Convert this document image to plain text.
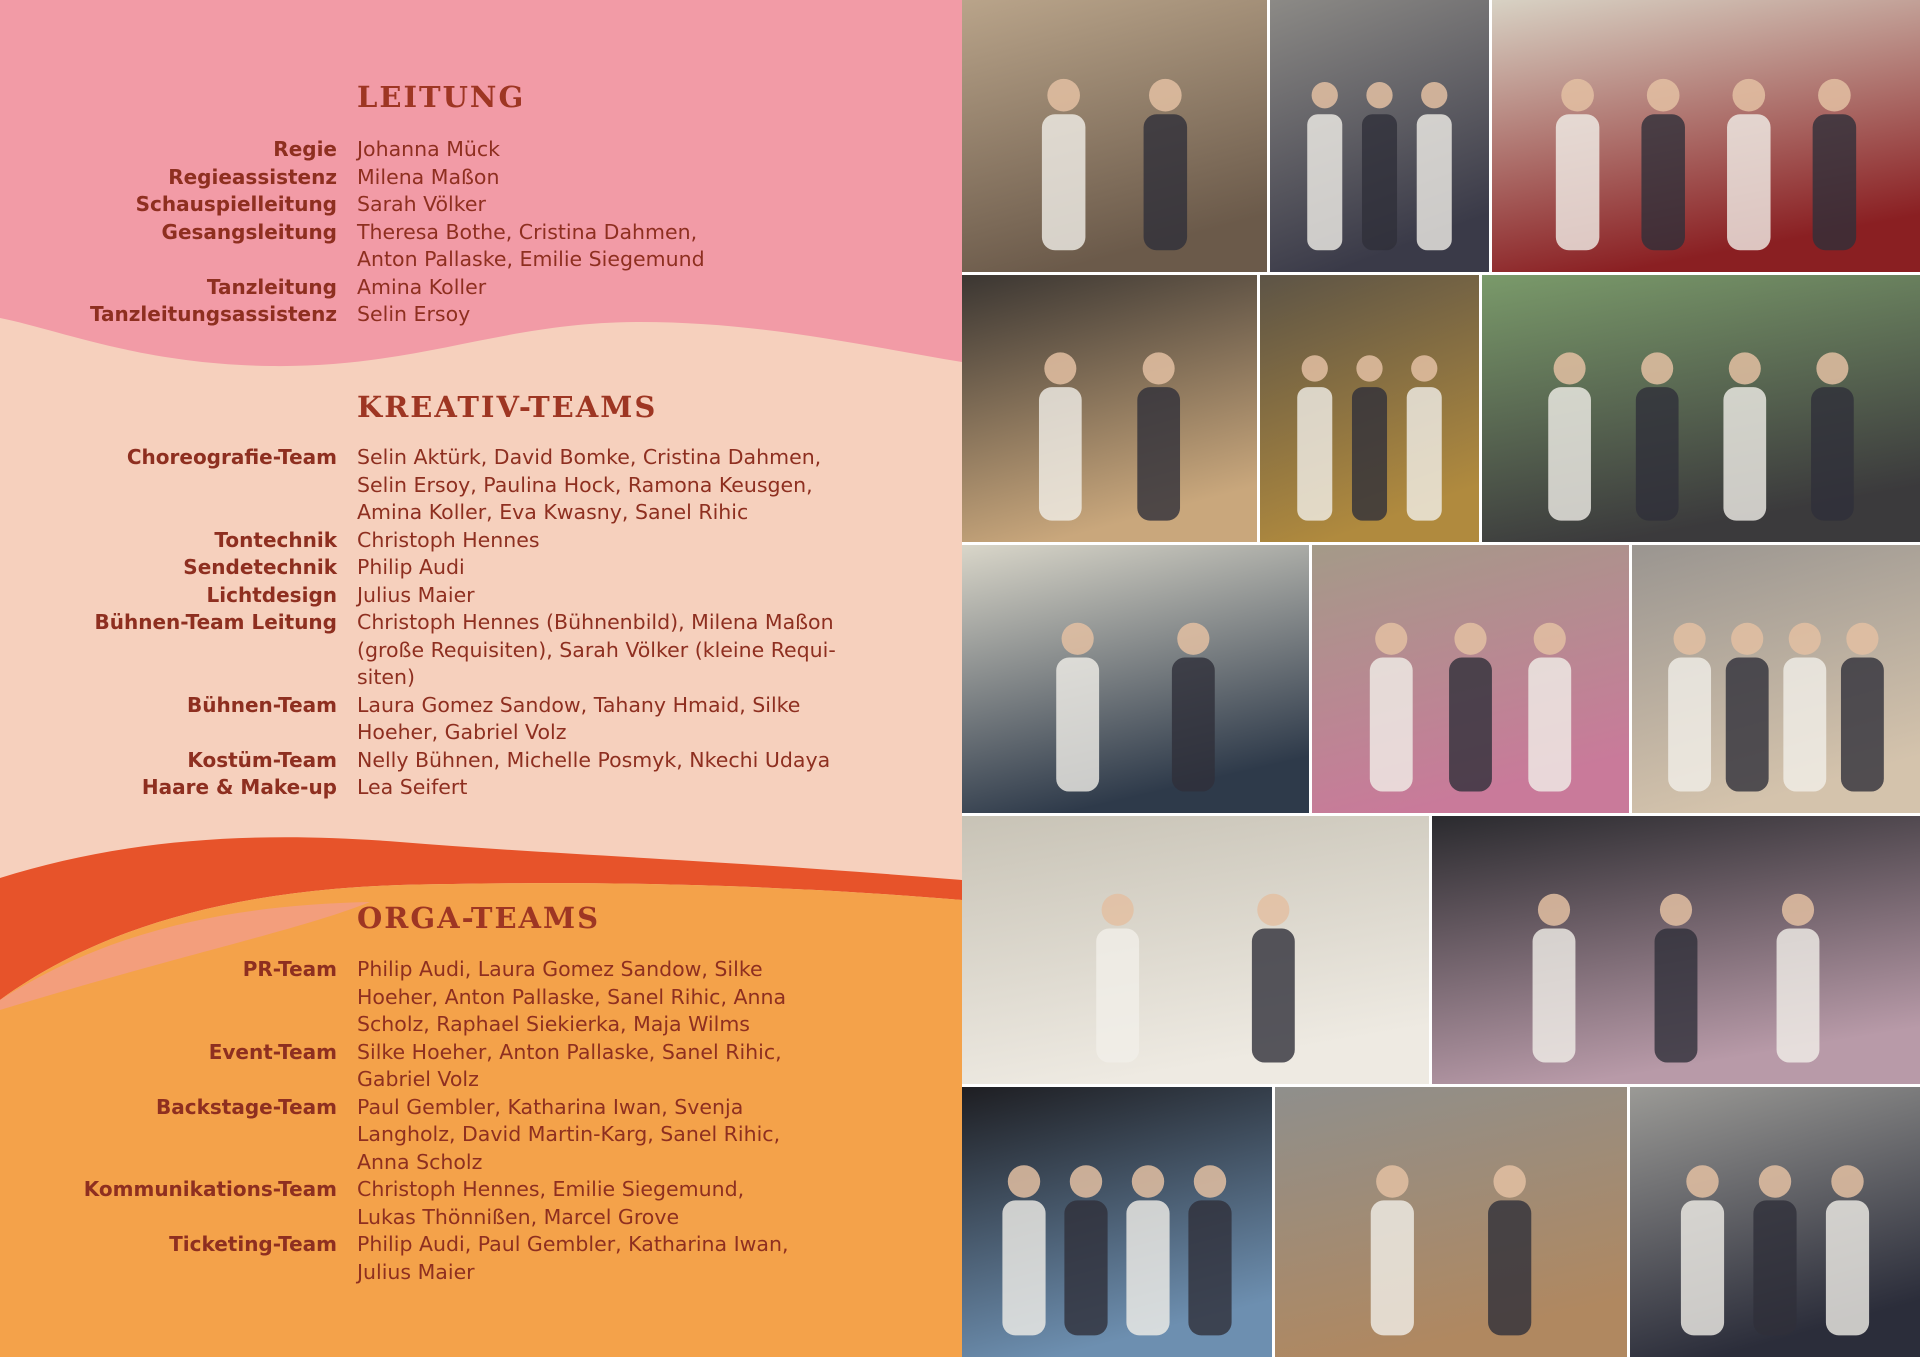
LEITUNG
Regie Johanna Mück
Regieassistenz Milena Maßon
Schauspielleitung Sarah Völker
Gesangsleitung Theresa Bothe, Cristina Dahmen,
Anton Pallaske, Emilie Siegemund
Tanzleitung Amina Koller
Tanzleitungsassistenz Selin Ersoy
KREATIV-TEAMS
Choreografie-Team Selin Aktürk, David Bomke, Cristina Dahmen,
Selin Ersoy, Paulina Hock, Ramona Keusgen,
Amina Koller, Eva Kwasny, Sanel Rihic
Tontechnik Christoph Hennes
Sendetechnik Philip Audi
Lichtdesign Julius Maier
Bühnen-Team Leitung Christoph Hennes (Bühnenbild), Milena Maßon
(große Requisiten), Sarah Völker (kleine Requi-
siten)
Bühnen-Team Laura Gomez Sandow, Tahany Hmaid, Silke
Hoeher, Gabriel Volz
Kostüm-Team Nelly Bühnen, Michelle Posmyk, Nkechi Udaya
Haare & Make-up Lea Seifert
ORGA-TEAMS
PR-Team Philip Audi, Laura Gomez Sandow, Silke
Hoeher, Anton Pallaske, Sanel Rihic, Anna
Scholz, Raphael Siekierka, Maja Wilms
Event-Team Silke Hoeher, Anton Pallaske, Sanel Rihic,
Gabriel Volz
Backstage-Team Paul Gembler, Katharina Iwan, Svenja
Langholz, David Martin-Karg, Sanel Rihic,
Anna Scholz
Kommunikations-Team Christoph Hennes, Emilie Siegemund,
Lukas Thönnißen, Marcel Grove
Ticketing-Team Philip Audi, Paul Gembler, Katharina Iwan,
Julius Maier
